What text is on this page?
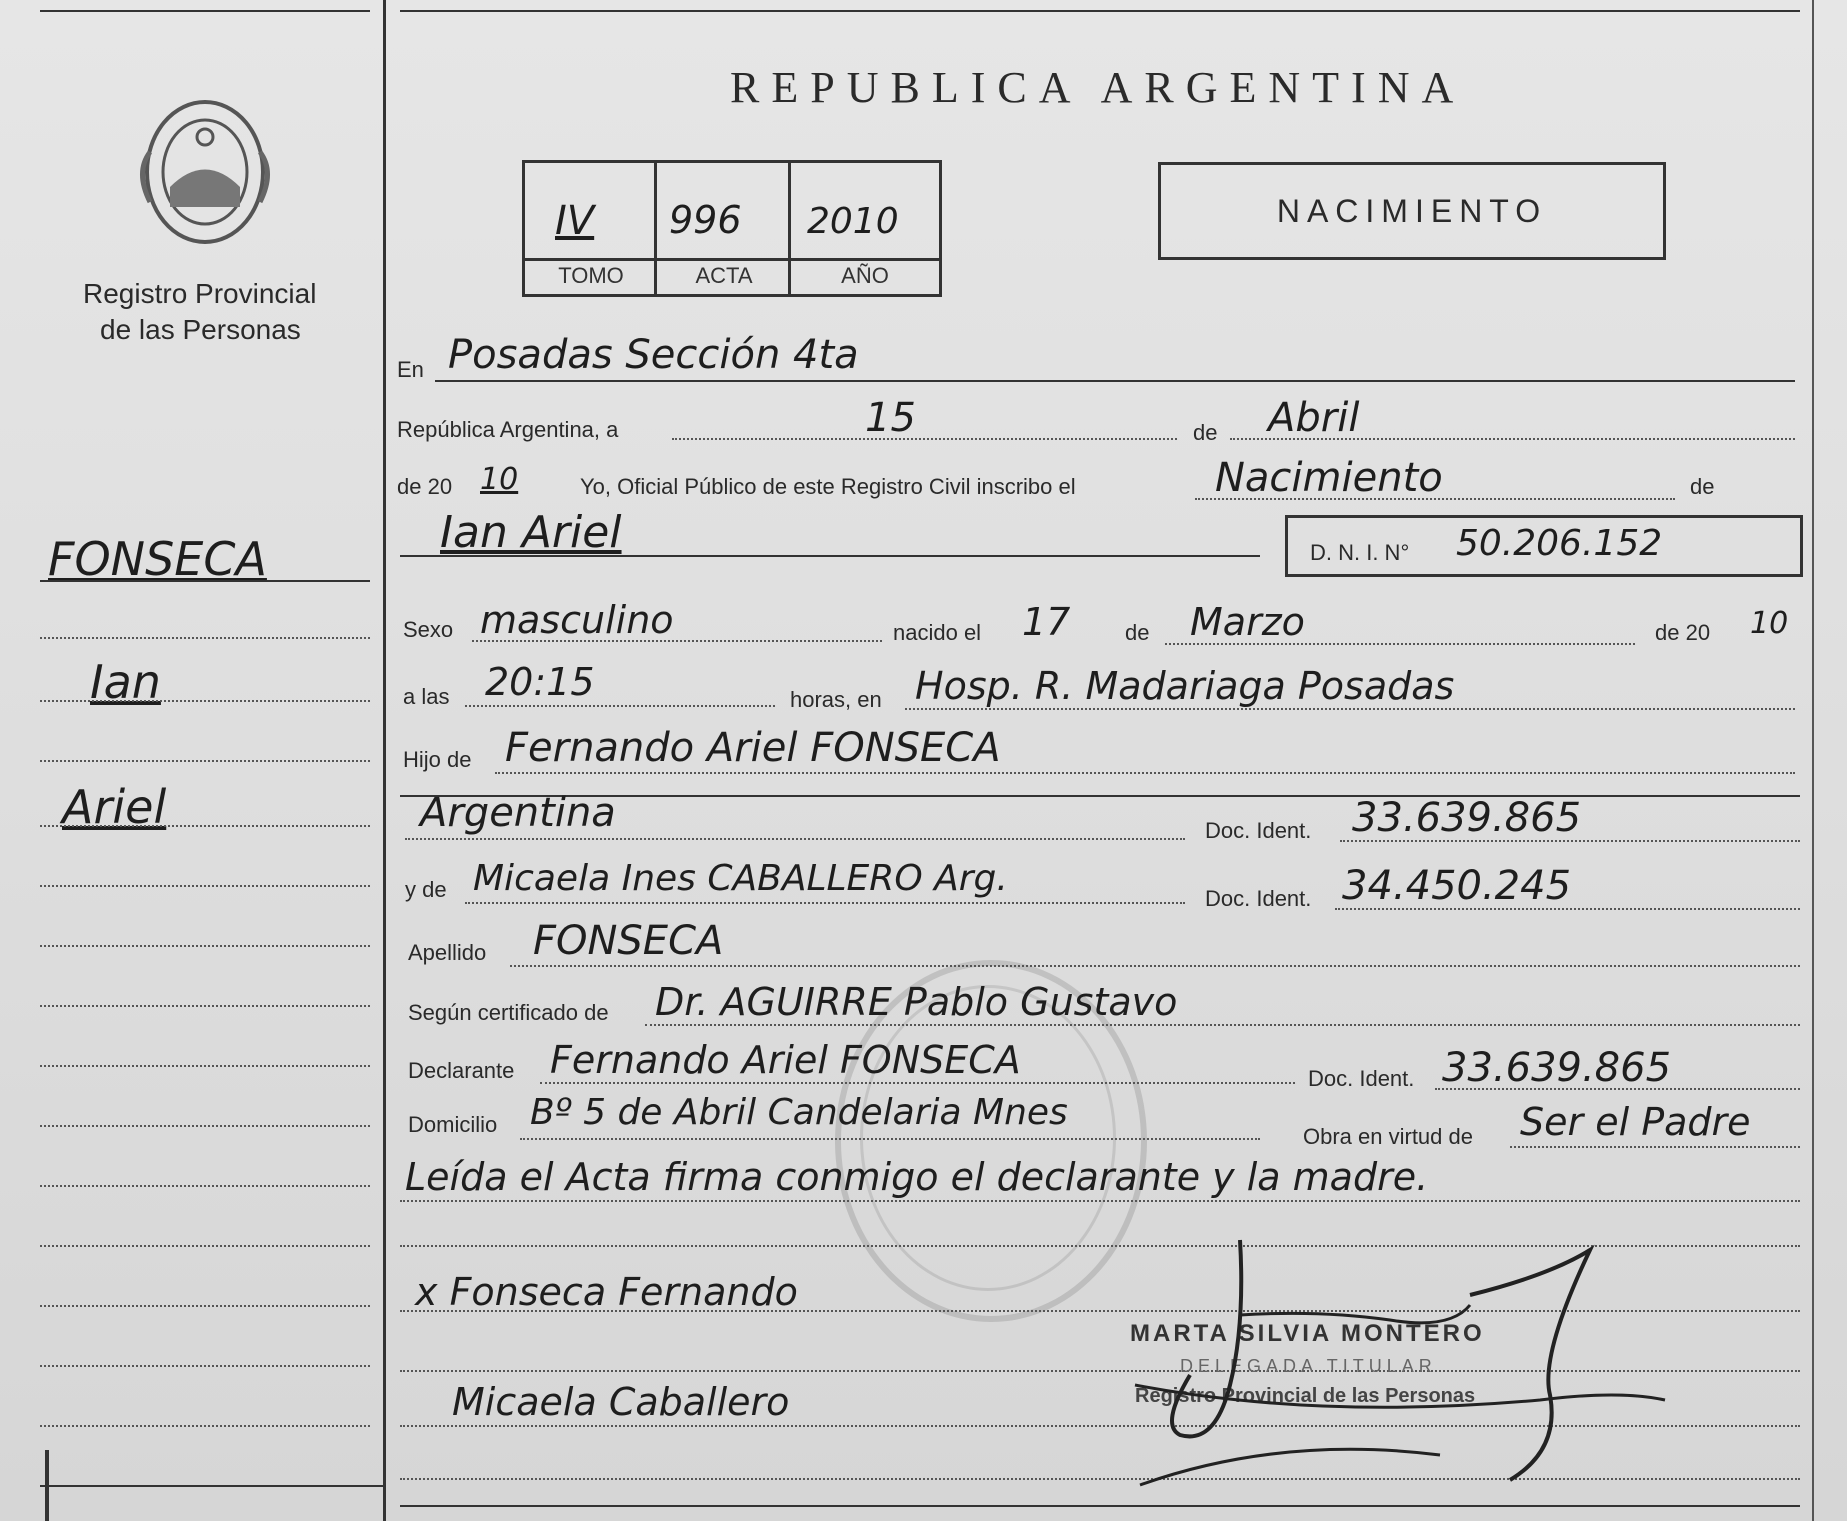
Registro Provincial
de las Personas
FONSECA
Ian
Ariel
REPUBLICA ARGENTINA
IV 996 2010
TOMO	ACTA	AÑO
NACIMIENTO
En Posadas Sección 4ta
República Argentina, a	15	de Abril
de 20 10	Yo, Oficial Público de este Registro Civil inscribo el	Nacimiento	de
Ian Ariel	D. N. I. N° 50.206.152
Sexo masculino	nacido el 17 de Marzo	de 20 10
a las 20:15	horas, en Hosp. R. Madariaga Posadas
Hijo de Fernando Ariel FONSECA
Argentina	Doc. Ident. 33.639.865
y de Micaela Ines CABALLERO Arg.	Doc. Ident. 34.450.245
Apellido FONSECA
Según certificado de Dr. AGUIRRE Pablo Gustavo
Declarante Fernando Ariel FONSECA	Doc. Ident. 33.639.865
Domicilio Bº 5 de Abril Candelaria Mnes
Obra en virtud de Ser el Padre
Leída el Acta firma conmigo el declarante y la madre.
x Fonseca Fernando
Micaela Caballero
MARTA SILVIA MONTERO
DELEGADA TITULAR
Registro Provincial de las Personas
